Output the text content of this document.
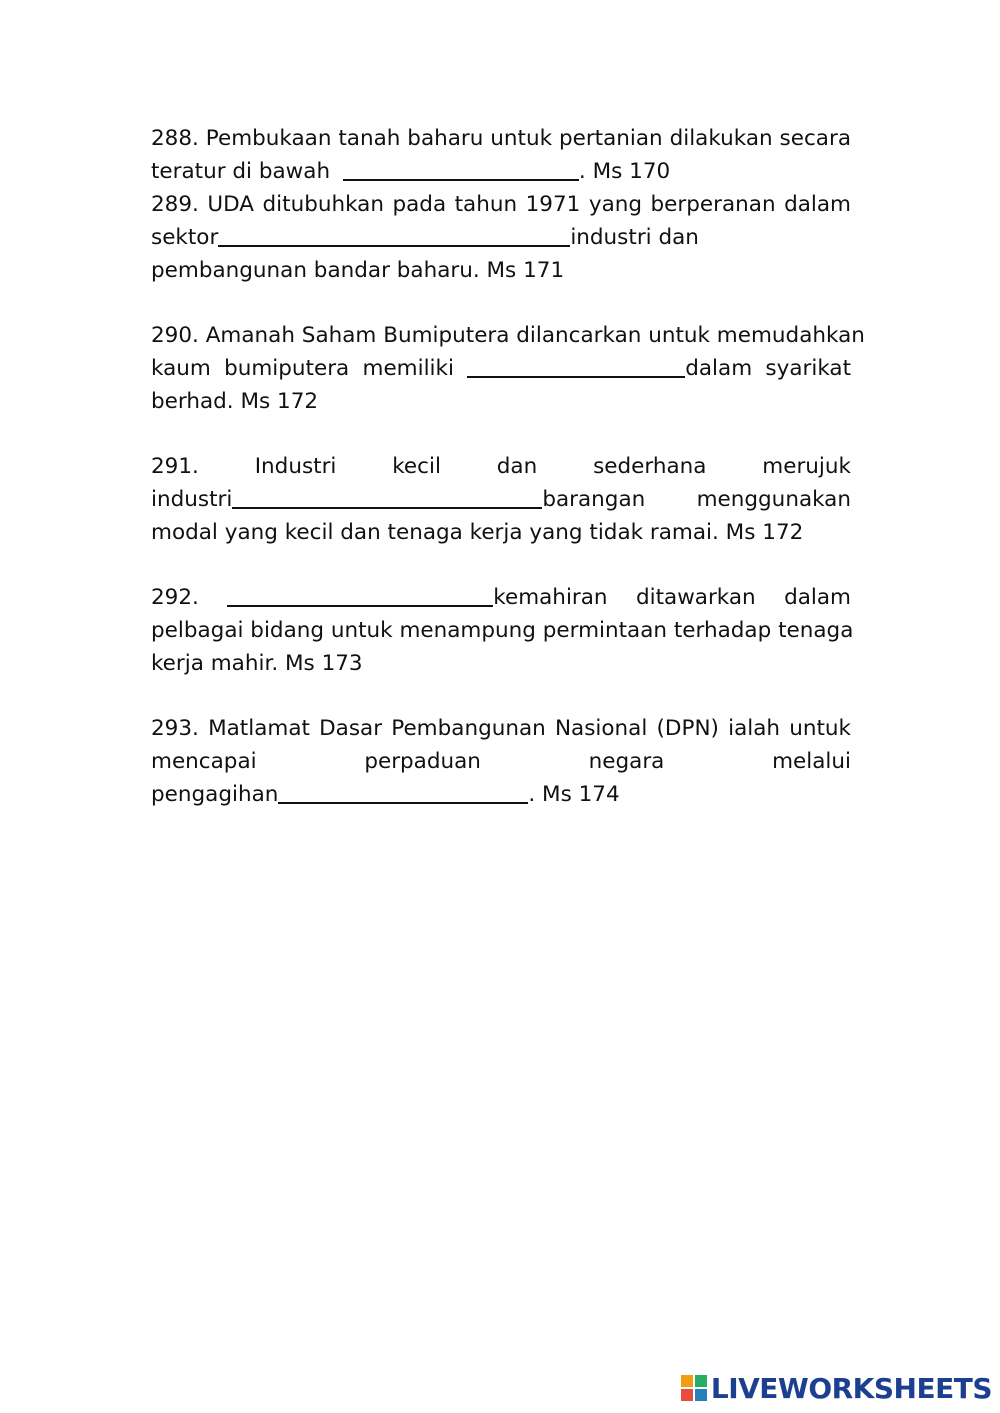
288. Pembukaan tanah baharu untuk pertanian dilakukan secara
teratur di bawah	. Ms 170
289. UDA ditubuhkan pada tahun 1971 yang berperanan dalam
sektor	industri dan
pembangunan bandar baharu. Ms 171
290. Amanah Saham Bumiputera dilancarkan untuk memudahkan
kaum bumiputera memiliki	dalam syarikat
berhad. Ms 172
291.	Industri	kecil	dan	sederhana	merujuk
industri	barangan menggunakan
modal yang kecil dan tenaga kerja yang tidak ramai. Ms 172
292.	kemahiran ditawarkan dalam
pelbagai bidang untuk menampung permintaan terhadap tenaga
kerja mahir. Ms 173
293. Matlamat Dasar Pembangunan Nasional (DPN) ialah untuk
mencapai	perpaduan	negara	melalui
pengagihan	. Ms 174
LIVEWORKSHEETS
